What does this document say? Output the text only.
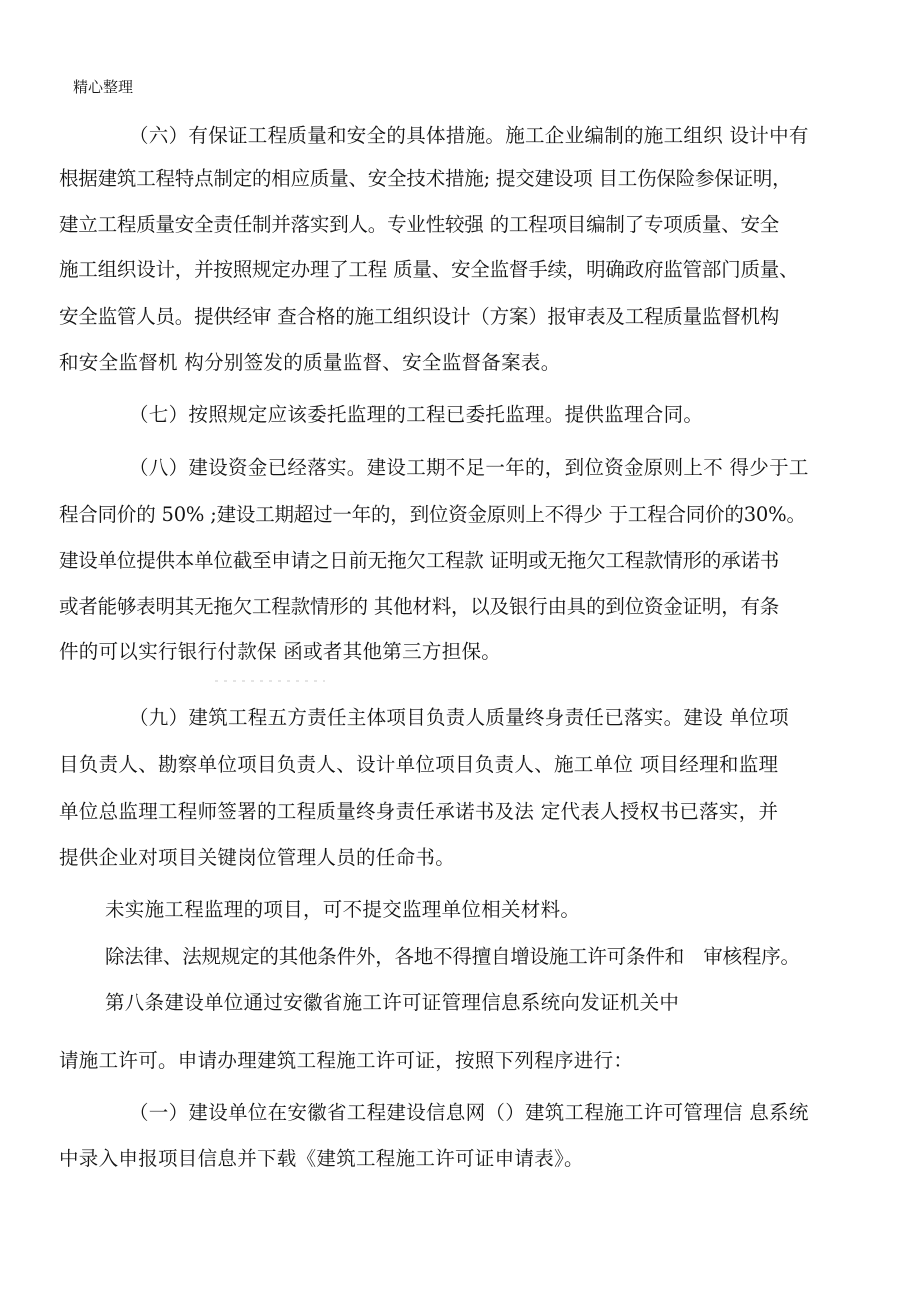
精心整理
（六）有保证工程质量和安全的具体措施。施工企业编制的施工组织 设计中有
根据建筑工程特点制定的相应质量、安全技术措施; 提交建设项 目工伤保险参保证明，
建立工程质量安全责任制并落实到人。专业性较强 的工程项目编制了专项质量、安全
施工组织设计，并按照规定办理了工程 质量、安全监督手续，明确政府监管部门质量、
安全监管人员。提供经审 查合格的施工组织设计（方案）报审表及工程质量监督机构
和安全监督机 构分别签发的质量监督、安全监督备案表。
（七）按照规定应该委托监理的工程已委托监理。提供监理合同。
（八）建设资金已经落实。建设工期不足一年的，到位资金原则上不 得少于工
程合同价的 50% ;建设工期超过一年的，到位资金原则上不得少 于工程合同价的30%。
建设单位提供本单位截至申请之日前无拖欠工程款 证明或无拖欠工程款情形的承诺书
或者能够表明其无拖欠工程款情形的 其他材料，以及银行由具的到位资金证明，有条
件的可以实行银行付款保 函或者其他第三方担保。
（九）建筑工程五方责任主体项目负责人质量终身责任已落实。建设 单位项
目负责人、勘察单位项目负责人、设计单位项目负责人、施工单位 项目经理和监理
单位总监理工程师签署的工程质量终身责任承诺书及法 定代表人授权书已落实，并
提供企业对项目关键岗位管理人员的任命书。
未实施工程监理的项目，可不提交监理单位相关材料。
除法律、法规规定的其他条件外，各地不得擅自增设施工许可条件和　审核程序。
第八条建设单位通过安徽省施工许可证管理信息系统向发证机关中
请施工许可。申请办理建筑工程施工许可证，按照下列程序进行：
（一）建设单位在安徽省工程建设信息网（）建筑工程施工许可管理信 息系统
中录入申报项目信息并下载《建筑工程施工许可证申请表》。
